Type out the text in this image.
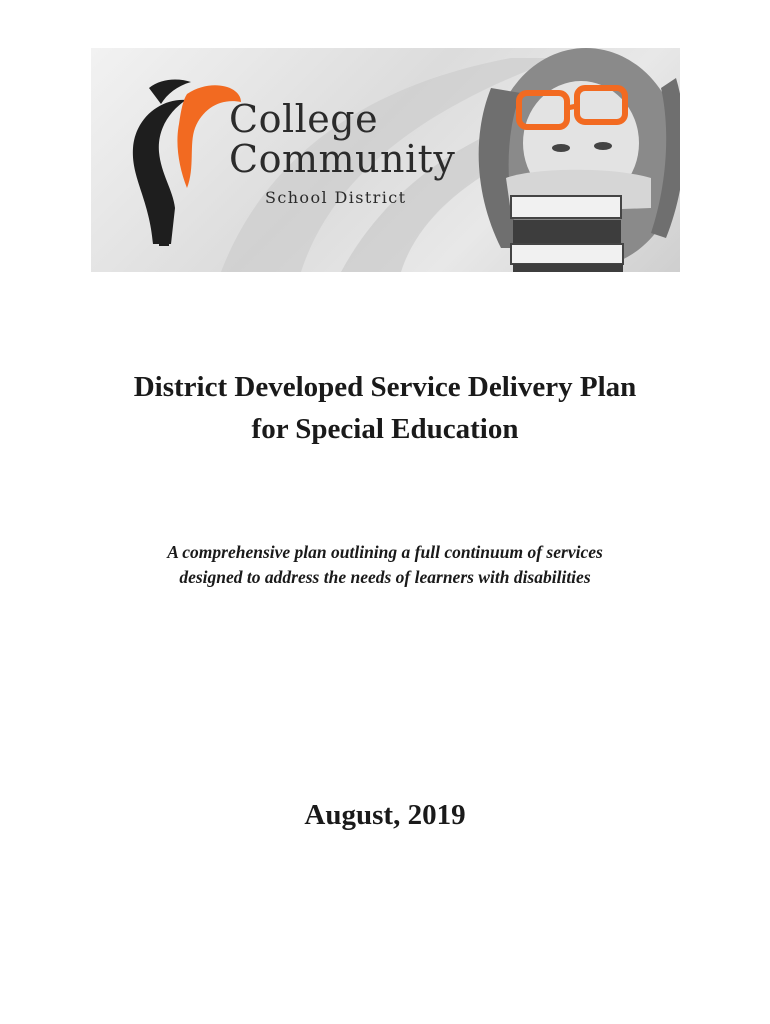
College
Community
School District
District Developed Service Delivery Plan
for Special Education
A comprehensive plan outlining a full continuum of services
designed to address the needs of learners with disabilities
August, 2019
